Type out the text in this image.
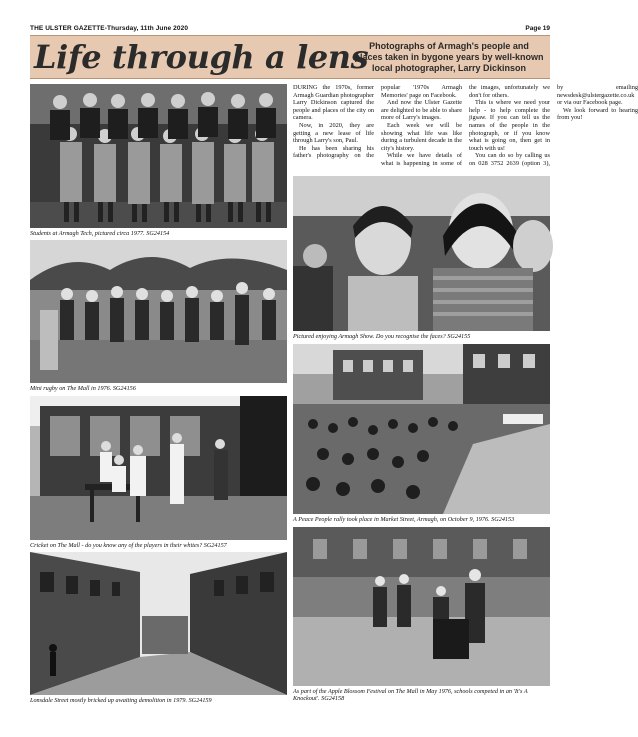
THE ULSTER GAZETTE-Thursday, 11th June 2020	Page 19
Life through a lens Photographs of Armagh's people and places taken in bygone years by well-known local photographer, Larry Dickinson
Students at Armagh Tech, pictured circa 1977. SG24154
Mini rugby on The Mall in 1976. SG24156
Cricket on The Mall - do you know any of the players in their whites? SG24157
Lonsdale Street mostly bricked up awaiting demolition in 1979. SG24159

DURING the 1970s, former Armagh Guardian photographer Larry Dickinson captured the people and places of the city on camera.

Now, in 2020, they are getting a new lease of life through Larry's son, Paul.

He has been sharing his father's photography on the popular '1970s Armagh Memories' page on Facebook.

And now the Ulster Gazette are delighted to be able to share more of Larry's images.

Each week we will be showing what life was like during a turbulent decade in the city's history.

While we have details of what is happening in some of the images, unfortunately we don't for others.

This is where we need your help - to help complete the jigsaw. If you can tell us the names of the people in the photograph, or if you know what is going on, then get in touch with us!

You can do so by calling us on 028 3752 2639 (option 3), by emailing newsdesk@ulstergazette.co.uk or via our Facebook page.

We look forward to hearing from you!

Pictured enjoying Armagh Show. Do you recognise the faces? SG24155
A Peace People rally took place in Market Street, Armagh, on October 9, 1976. SG24153
As part of the Apple Blossom Festival on The Mall in May 1976, schools competed in an 'It's A Knockout'. SG24158
